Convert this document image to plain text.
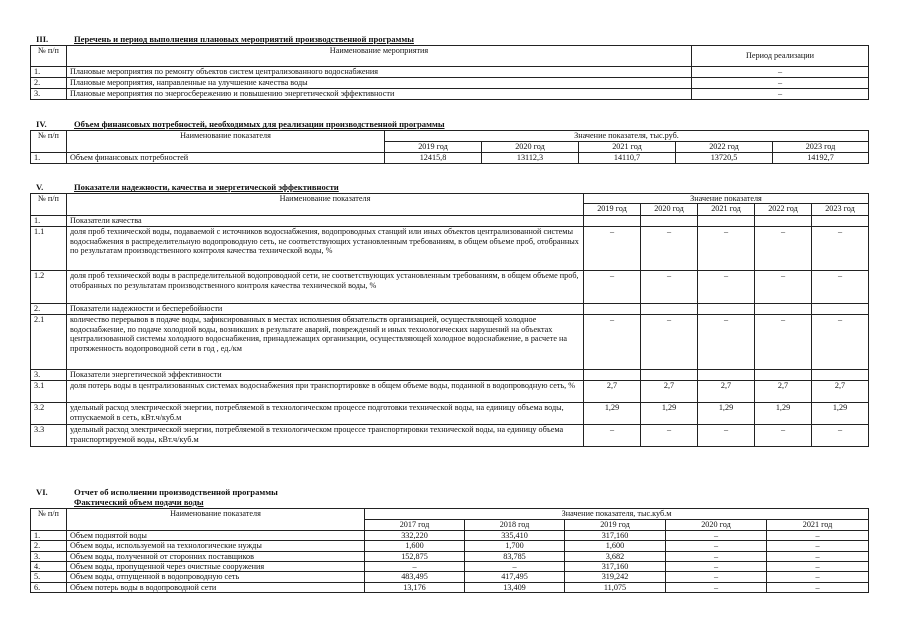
III.	Перечень и период выполнения плановых мероприятий производственной программы
№ п/п	Наименование мероприятия	Период реализации
1.	Плановые мероприятия по ремонту объектов систем централизованного водоснабжения	–
2.	Плановые мероприятия, направленные на улучшение качества воды	–
3.	Плановые мероприятия по энергосбережению и повышению энергетической эффективности	–
IV.	Объем финансовых потребностей, необходимых для реализации производственной программы
№ п/п	Наименование показателя	Значение показателя, тыс.руб.				
		2019 год	2020 год	2021 год	2022 год	2023 год
1.	Объем финансовых потребностей	12415,8	13112,3	14110,7	13720,5	14192,7
V.	Показатели надежности, качества и энергетической эффективности
№ п/п	Наименование показателя	Значение показателя				
		2019 год	2020 год	2021 год	2022 год	2023 год
1.	Показатели качества					
1.1	доля проб технической воды, подаваемой с источников водоснабжения, водопроводных станций или иных объектов централизованной системы водоснабжения в распределительную водопроводную сеть, не соответствующих установленным требованиям, в общем объеме проб, отобранных по результатам производственного контроля качества технической воды, %	–	–	–	–	–
1.2	доля проб технической воды в распределительной водопроводной сети, не соответствующих установленным требованиям, в общем объеме проб, отобранных по результатам производственного контроля качества технической воды, %	–	–	–	–	–
2.	Показатели надежности и бесперебойности					
2.1	количество перерывов в подаче воды, зафиксированных в местах исполнения обязательств организацией, осуществляющей холодное водоснабжение, по подаче холодной воды, возникших в результате аварий, повреждений и иных технологических нарушений на объектах централизованной системы холодного водоснабжения, принадлежащих организации, осуществляющей холодное водоснабжение, в расчете на протяженность водопроводной сети в год , ед./км	–	–	–	–	–
3.	Показатели энергетической эффективности					
3.1	доля потерь воды в централизованных системах водоснабжения при транспортировке в общем объеме воды, поданной в водопроводную сеть, %	2,7	2,7	2,7	2,7	2,7
3.2	удельный расход электрической энергии, потребляемой в технологическом процессе подготовки технической воды, на единицу объема воды, отпускаемой в сеть, кВт.ч/куб.м	1,29	1,29	1,29	1,29	1,29
3.3	удельный расход электрической энергии, потребляемой в технологическом процессе транспортировки технической воды, на единицу объема транспортируемой воды, кВт.ч/куб.м	–	–	–	–	–
VI.	Отчет об исполнении производственной программы
Фактический объем подачи воды
№ п/п	Наименование показателя	Значение показателя, тыс.куб.м				
		2017 год	2018 год	2019 год	2020 год	2021 год
1.	Объем поднятой воды	332,220	335,410	317,160	–	–
2.	Объем воды, используемой на технологические нужды	1,600	1,700	1,600	–	–
3.	Объем воды, полученной от сторонних поставщиков	152,875	83,785	3,682	–	–
4.	Объем воды, пропущенной через очистные сооружения	–	–	317,160	–	–
5.	Объем воды, отпущенной в водопроводную сеть	483,495	417,495	319,242	–	–
6.	Объем потерь воды в водопроводной сети	13,176	13,409	11,075	–	–
